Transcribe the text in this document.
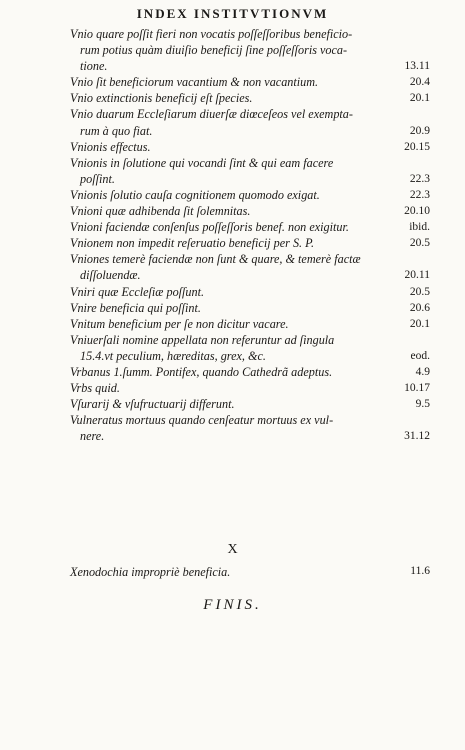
INDEX INSTITVTIONVM
Vnio quare poſſit fieri non vocatis poſſeſſoribus beneficio-
rum potius quàm diuiſio beneficij ſine poſſeſſoris voca-
tione.	13.11
Vnio ſit beneficiorum vacantium & non vacantium.	20.4
Vnio extinctionis beneficij eſt ſpecies.	20.1
Vnio duarum Eccleſiarum diuerſæ diœceſeos vel exempta-
rum à quo fiat.	20.9
Vnionis effectus.	20.15
Vnionis in ſolutione qui vocandi ſint & qui eam facere
poſſint.	22.3
Vnionis ſolutio cauſa cognitionem quomodo exigat.	22.3
Vnioni quæ adhibenda ſit ſolemnitas.	20.10
Vnioni faciendæ conſenſus poſſeſſoris benef. non exigitur.	ibid.
Vnionem non impedit reſeruatio beneficij per S. P.	20.5
Vniones temerè faciendæ non ſunt & quare, & temerè factæ
diſſoluendæ.	20.11
Vniri quæ Eccleſiæ poſſunt.	20.5
Vnire beneficia qui poſſint.	20.6
Vnitum beneficium per ſe non dicitur vacare.	20.1
Vniuerſali nomine appellata non referuntur ad ſingula
15.4.vt peculium, hæreditas, grex, &c.	eod.
Vrbanus 1.ſumm. Pontifex, quando Cathedrã adeptus.	4.9
Vrbs quid.	10.17
Vſurarij & vſufructuarij differunt.	9.5
Vulneratus mortuus quando cenſeatur mortuus ex vul-
nere.	31.12
X
Xenodochia impropriè beneficia.	11.6
FINIS.
